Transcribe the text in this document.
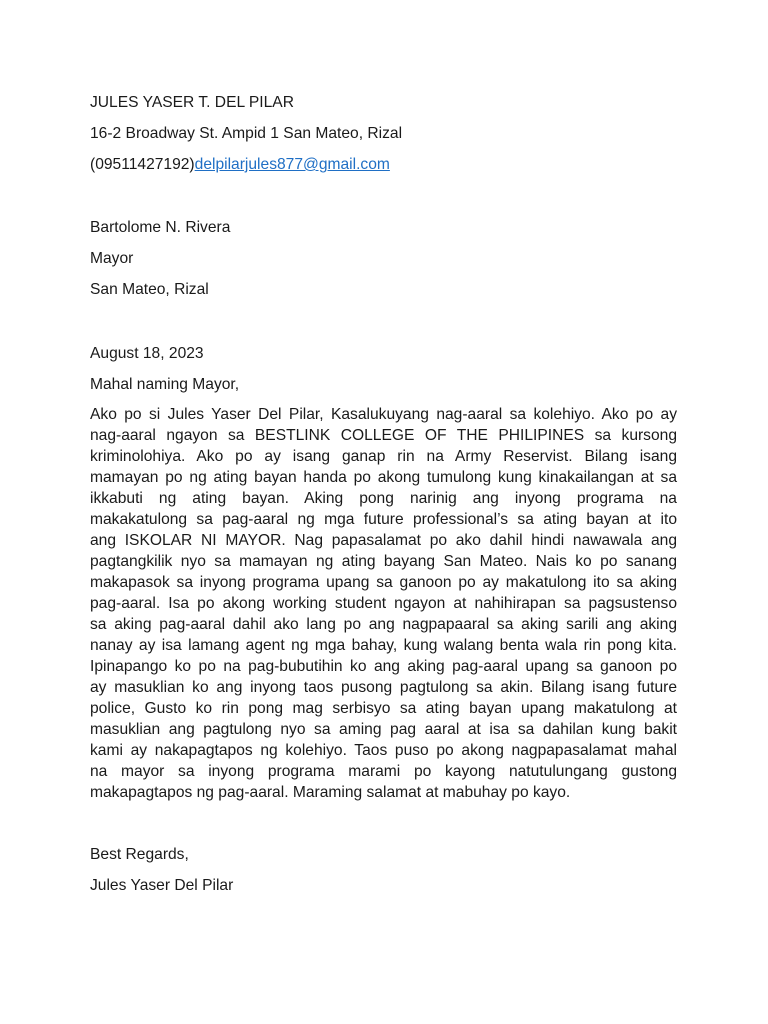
JULES YASER T. DEL PILAR

16-2 Broadway St. Ampid 1 San Mateo, Rizal

(09511427192)delpilarjules877@gmail.com

Bartolome N. Rivera

Mayor

San Mateo, Rizal

August 18, 2023

Mahal naming Mayor,

Ako po si Jules Yaser Del Pilar, Kasalukuyang nag-aaral sa kolehiyo. Ako po ay
nag-aaral ngayon sa BESTLINK COLLEGE OF THE PHILIPINES sa kursong
kriminolohiya. Ako po ay isang ganap rin na Army Reservist. Bilang isang
mamayan po ng ating bayan handa po akong tumulong kung kinakailangan at sa
ikkabuti ng ating bayan. Aking pong narinig ang inyong programa na
makakatulong sa pag-aaral ng mga future professional’s sa ating bayan at ito
ang ISKOLAR NI MAYOR. Nag papasalamat po ako dahil hindi nawawala ang
pagtangkilik nyo sa mamayan ng ating bayang San Mateo. Nais ko po sanang
makapasok sa inyong programa upang sa ganoon po ay makatulong ito sa aking
pag-aaral. Isa po akong working student ngayon at nahihirapan sa pagsustenso
sa aking pag-aaral dahil ako lang po ang nagpapaaral sa aking sarili ang aking
nanay ay isa lamang agent ng mga bahay, kung walang benta wala rin pong kita.
Ipinapango ko po na pag-bubutihin ko ang aking pag-aaral upang sa ganoon po
ay masuklian ko ang inyong taos pusong pagtulong sa akin. Bilang isang future
police, Gusto ko rin pong mag serbisyo sa ating bayan upang makatulong at
masuklian ang pagtulong nyo sa aming pag aaral at isa sa dahilan kung bakit
kami ay nakapagtapos ng kolehiyo. Taos puso po akong nagpapasalamat mahal
na mayor sa inyong programa marami po kayong natutulungang gustong
makapagtapos ng pag-aaral. Maraming salamat at mabuhay po kayo.

Best Regards,

Jules Yaser Del Pilar
